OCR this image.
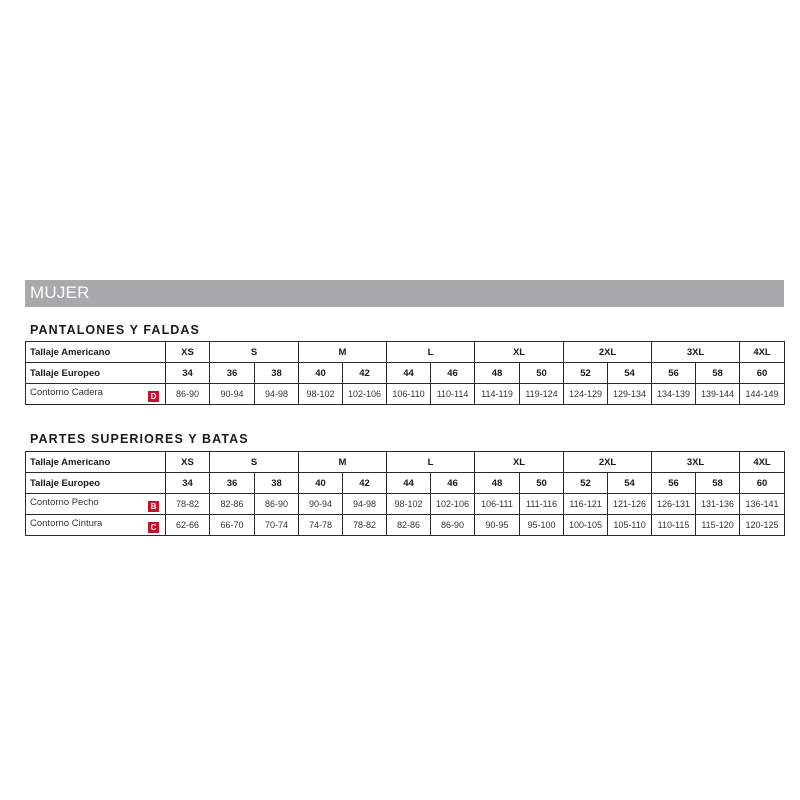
MUJER
PANTALONES Y FALDAS
Tallaje Americano	XS	S		M		L		XL		2XL		3XL		4XL
Tallaje Europeo	34	36	38	40	42	44	46	48	50	52	54	56	58	60
Contorno Cadera D	86-90	90-94	94-98	98-102	102-106	106-110	110-114	114-119	119-124	124-129	129-134	134-139	139-144	144-149
PARTES SUPERIORES Y BATAS
Tallaje Americano	XS	S		M		L		XL		2XL		3XL		4XL
Tallaje Europeo	34	36	38	40	42	44	46	48	50	52	54	56	58	60
Contorno Pecho B	78-82	82-86	86-90	90-94	94-98	98-102	102-106	106-111	111-116	116-121	121-126	126-131	131-136	136-141
Contorno Cintura C	62-66	66-70	70-74	74-78	78-82	82-86	86-90	90-95	95-100	100-105	105-110	110-115	115-120	120-125
